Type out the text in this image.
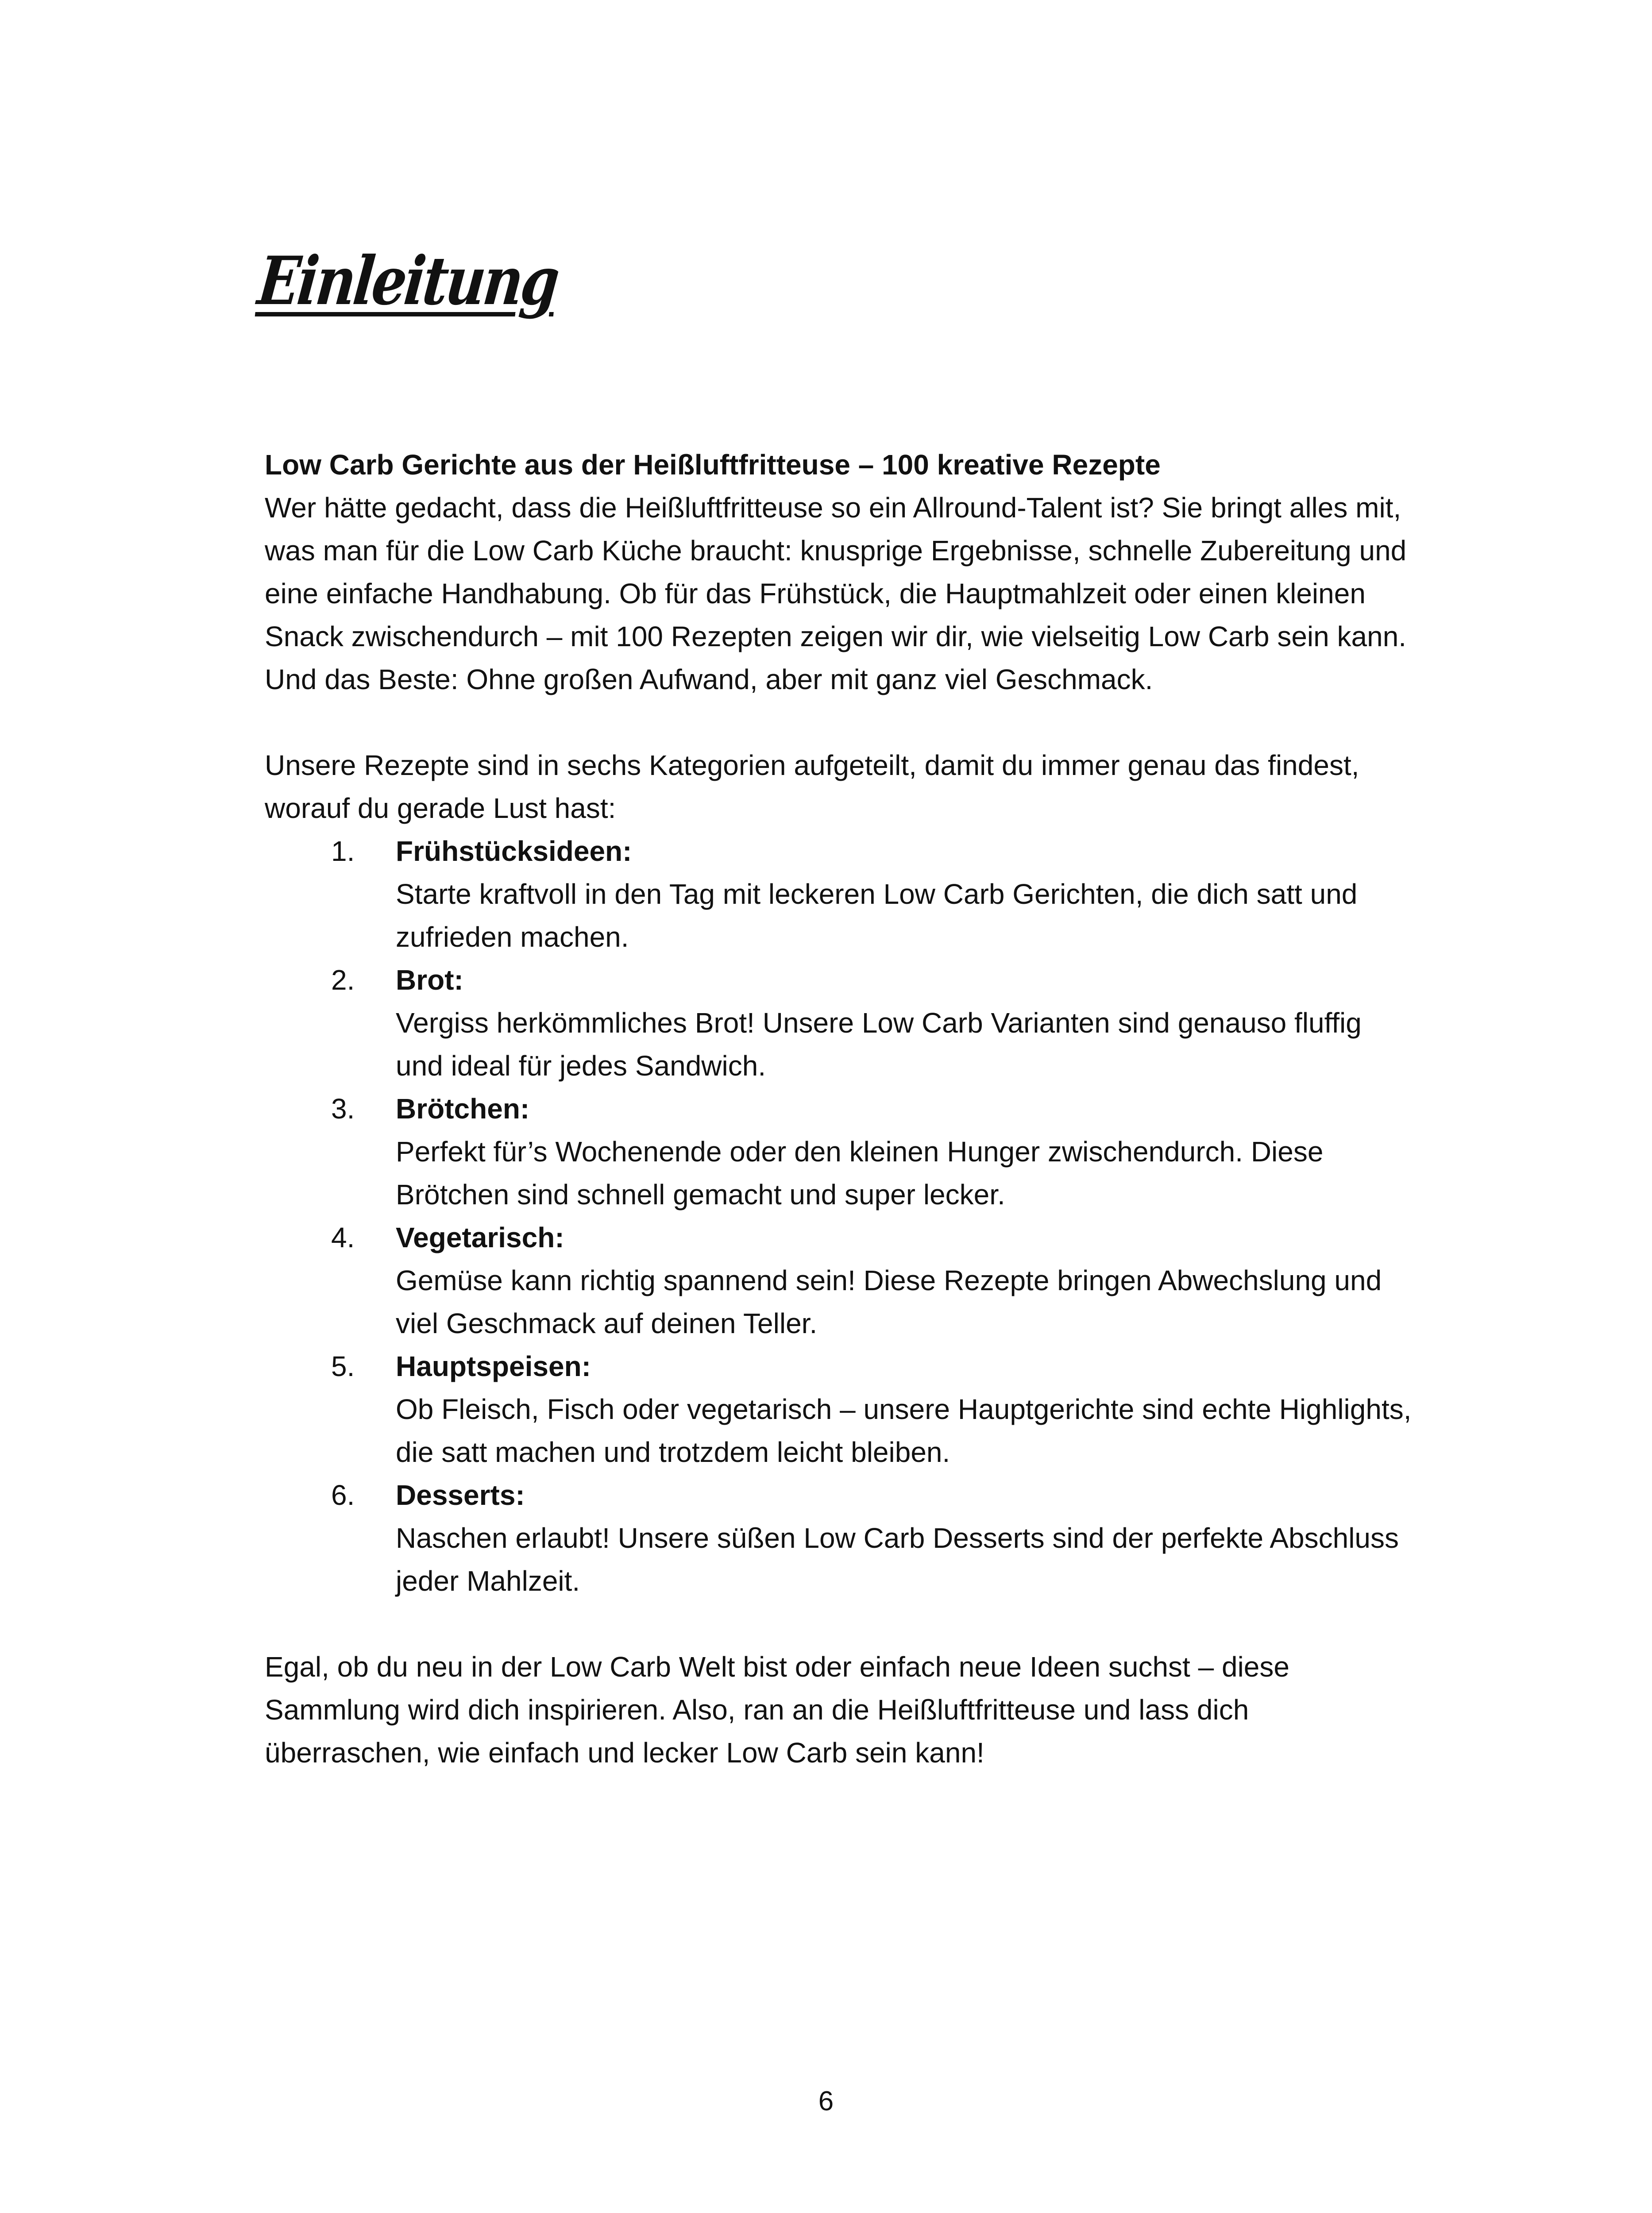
Einleitung

Low Carb Gerichte aus der Heißluftfritteuse – 100 kreative Rezepte

Wer hätte gedacht, dass die Heißluftfritteuse so ein Allround-Talent ist? Sie bringt alles mit, was man für die Low Carb Küche braucht: knusprige Ergebnisse, schnelle Zubereitung und eine einfache Handhabung. Ob für das Frühstück, die Hauptmahlzeit oder einen kleinen Snack zwischendurch – mit 100 Rezepten zeigen wir dir, wie vielseitig Low Carb sein kann. Und das Beste: Ohne großen Aufwand, aber mit ganz viel Geschmack.

Unsere Rezepte sind in sechs Kategorien aufgeteilt, damit du immer genau das findest, worauf du gerade Lust hast:

1. Frühstücksideen:
Starte kraftvoll in den Tag mit leckeren Low Carb Gerichten, die dich satt und zufrieden machen.
2. Brot:
Vergiss herkömmliches Brot! Unsere Low Carb Varianten sind genauso fluffig und ideal für jedes Sandwich.
3. Brötchen:
Perfekt für’s Wochenende oder den kleinen Hunger zwischendurch. Diese Brötchen sind schnell gemacht und super lecker.
4. Vegetarisch:
Gemüse kann richtig spannend sein! Diese Rezepte bringen Abwechslung und viel Geschmack auf deinen Teller.
5. Hauptspeisen:
Ob Fleisch, Fisch oder vegetarisch – unsere Hauptgerichte sind echte Highlights, die satt machen und trotzdem leicht bleiben.
6. Desserts:
Naschen erlaubt! Unsere süßen Low Carb Desserts sind der perfekte Abschluss jeder Mahlzeit.

Egal, ob du neu in der Low Carb Welt bist oder einfach neue Ideen suchst – diese Sammlung wird dich inspirieren. Also, ran an die Heißluftfritteuse und lass dich überraschen, wie einfach und lecker Low Carb sein kann!

6
